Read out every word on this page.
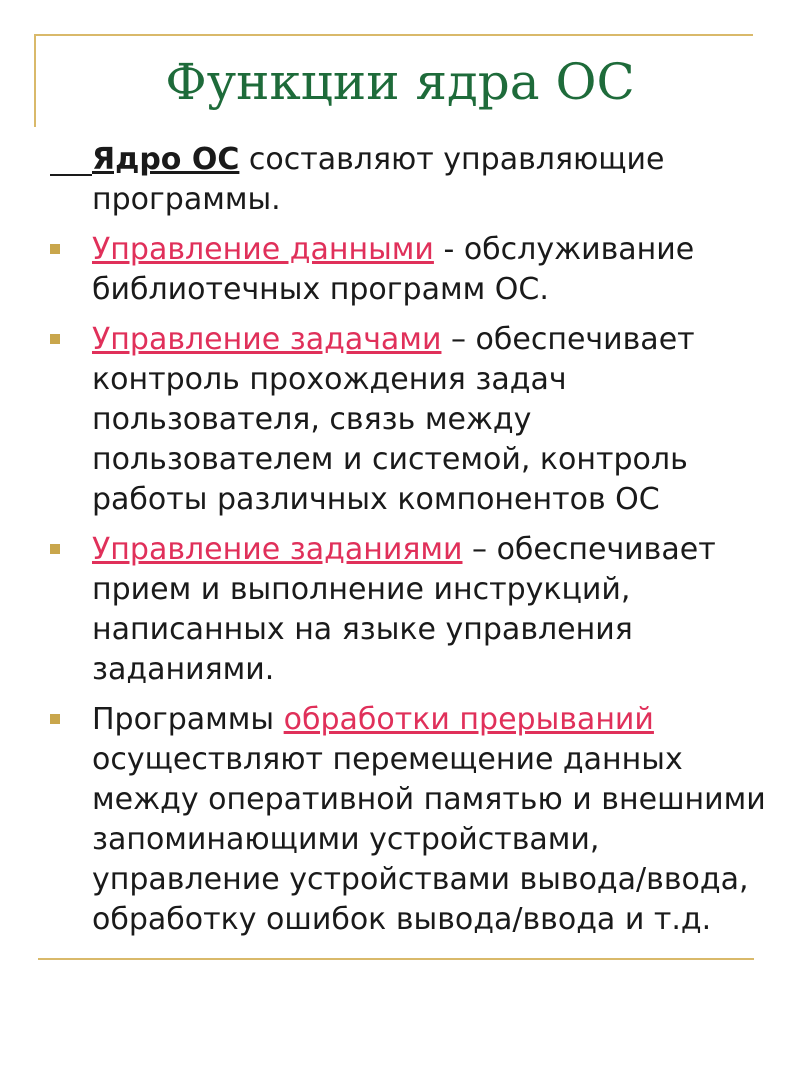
Функции ядра ОС

Ядро ОС составляют управляющие программы.

Управление данными - обслуживание библиотечных программ ОС.

Управление задачами – обеспечивает контроль прохождения задач пользователя, связь между пользователем и системой, контроль работы различных компонентов ОС

Управление заданиями – обеспечивает прием и выполнение инструкций, написанных на языке управления заданиями.

Программы обработки прерываний осуществляют перемещение данных между оперативной памятью и внешними запоминающими устройствами, управление устройствами вывода/ввода, обработку ошибок вывода/ввода и т.д.
